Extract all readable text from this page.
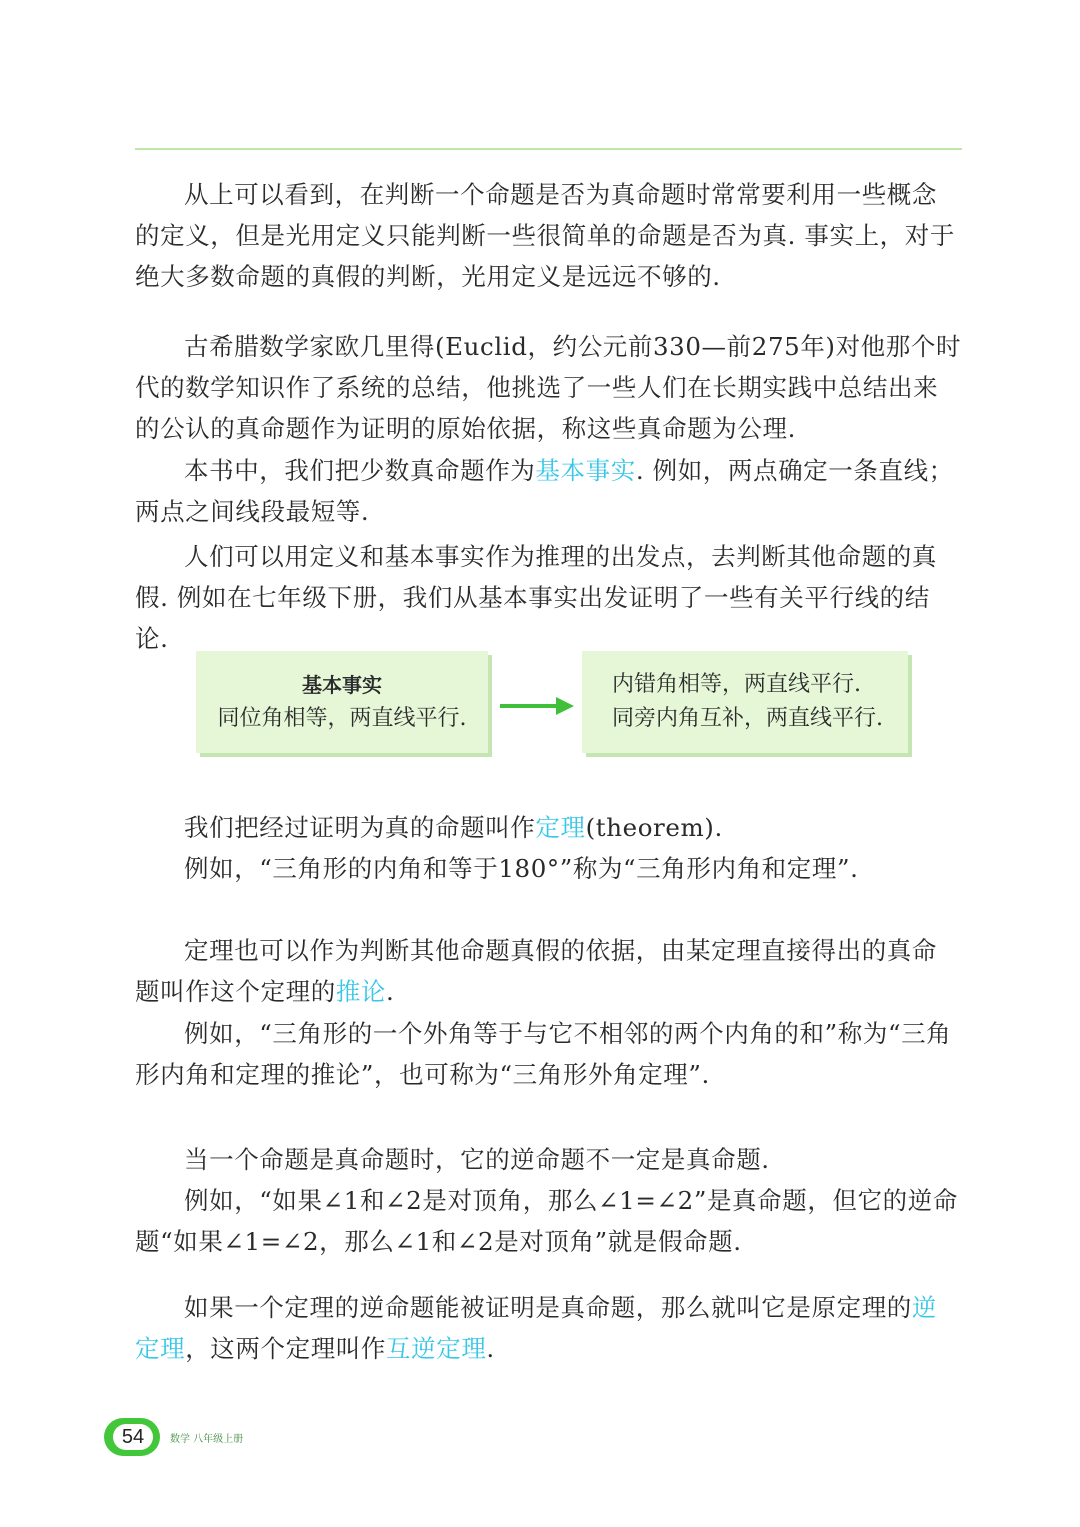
从上可以看到，在判断一个命题是否为真命题时常常要利用一些概念的定义，但是光用定义只能判断一些很简单的命题是否为真. 事实上，对于绝大多数命题的真假的判断，光用定义是远远不够的.

古希腊数学家欧几里得(Euclid，约公元前330—前275年)对他那个时代的数学知识作了系统的总结，他挑选了一些人们在长期实践中总结出来的公认的真命题作为证明的原始依据，称这些真命题为公理.

本书中，我们把少数真命题作为基本事实. 例如，两点确定一条直线；两点之间线段最短等.

人们可以用定义和基本事实作为推理的出发点，去判断其他命题的真假. 例如在七年级下册，我们从基本事实出发证明了一些有关平行线的结论.

基本事实
同位角相等，两直线平行.
内错角相等，两直线平行.
同旁内角互补，两直线平行.

我们把经过证明为真的命题叫作定理(theorem).

例如，“三角形的内角和等于180°”称为“三角形内角和定理”.

定理也可以作为判断其他命题真假的依据，由某定理直接得出的真命题叫作这个定理的推论.

例如，“三角形的一个外角等于与它不相邻的两个内角的和”称为“三角形内角和定理的推论”，也可称为“三角形外角定理”.

当一个命题是真命题时，它的逆命题不一定是真命题.

例如，“如果∠1和∠2是对顶角，那么∠1=∠2”是真命题，但它的逆命题“如果∠1=∠2，那么∠1和∠2是对顶角”就是假命题.

如果一个定理的逆命题能被证明是真命题，那么就叫它是原定理的逆定理，这两个定理叫作互逆定理.

54	数学 八年级上册
